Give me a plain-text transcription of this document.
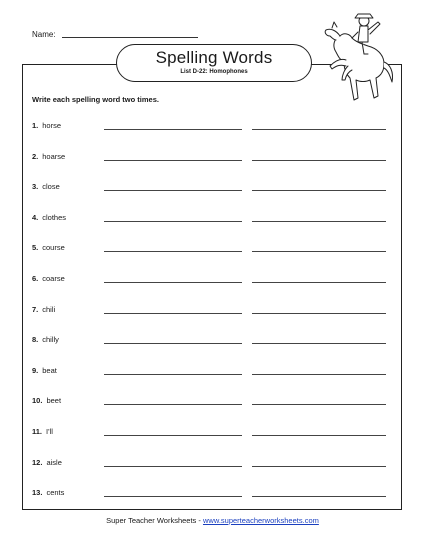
Name:
Spelling Words
List D-22: Homophones
Write each spelling word two times.
1. horse
2. hoarse
3. close
4. clothes
5. course
6. coarse
7. chili
8. chilly
9. beat
10. beet
11. I'll
12. aisle
13. cents
Super Teacher Worksheets - www.superteacherworksheets.com
